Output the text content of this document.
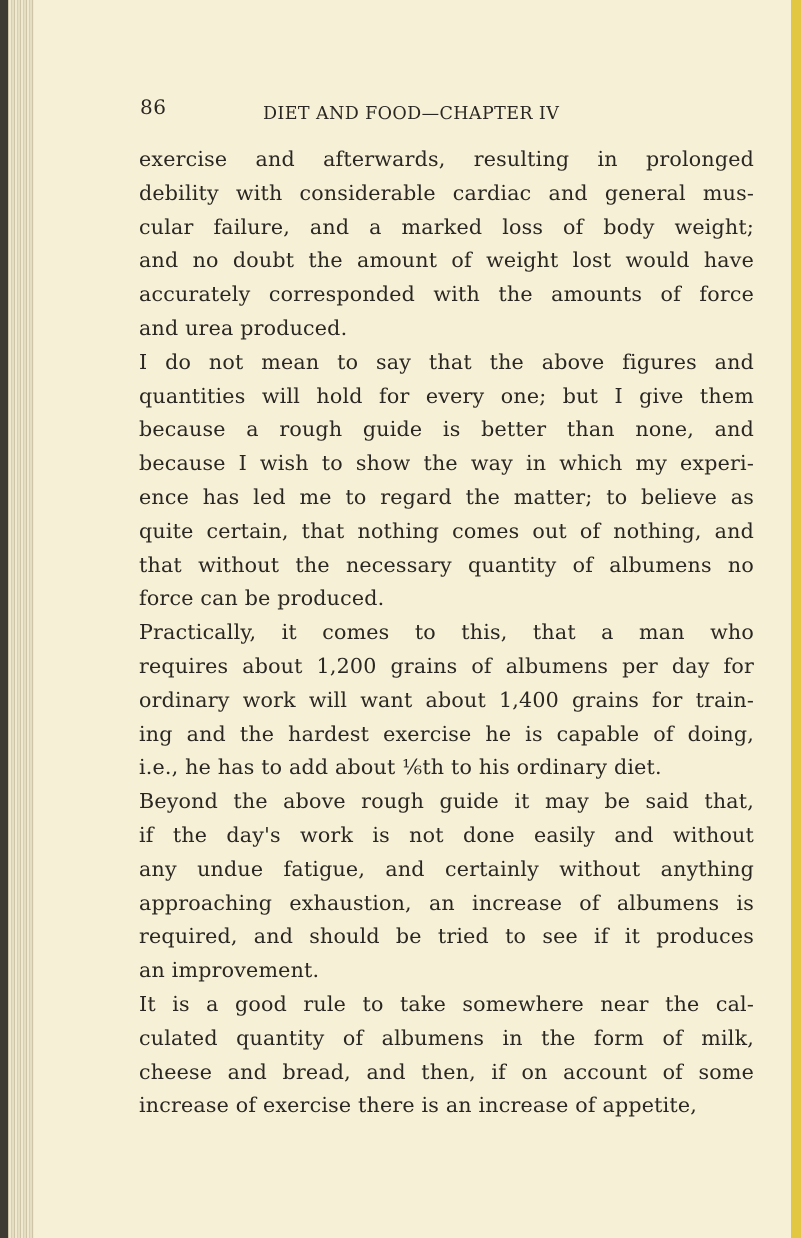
86	DIET AND FOOD—CHAPTER IV
exercise and afterwards, resulting in prolonged
debility with considerable cardiac and general mus-
cular failure, and a marked loss of body weight;
and no doubt the amount of weight lost would have
accurately corresponded with the amounts of force
and urea produced.
I do not mean to say that the above figures and
quantities will hold for every one; but I give them
because a rough guide is better than none, and
because I wish to show the way in which my experi-
ence has led me to regard the matter; to believe as
quite certain, that nothing comes out of nothing, and
that without the necessary quantity of albumens no
force can be produced.
Practically, it comes to this, that a man who
requires about 1,200 grains of albumens per day for
ordinary work will want about 1,400 grains for train-
ing and the hardest exercise he is capable of doing,
i.e., he has to add about ⅙th to his ordinary diet.
Beyond the above rough guide it may be said that,
if the day's work is not done easily and without
any undue fatigue, and certainly without anything
approaching exhaustion, an increase of albumens is
required, and should be tried to see if it produces
an improvement.
It is a good rule to take somewhere near the cal-
culated quantity of albumens in the form of milk,
cheese and bread, and then, if on account of some
increase of exercise there is an increase of appetite,
